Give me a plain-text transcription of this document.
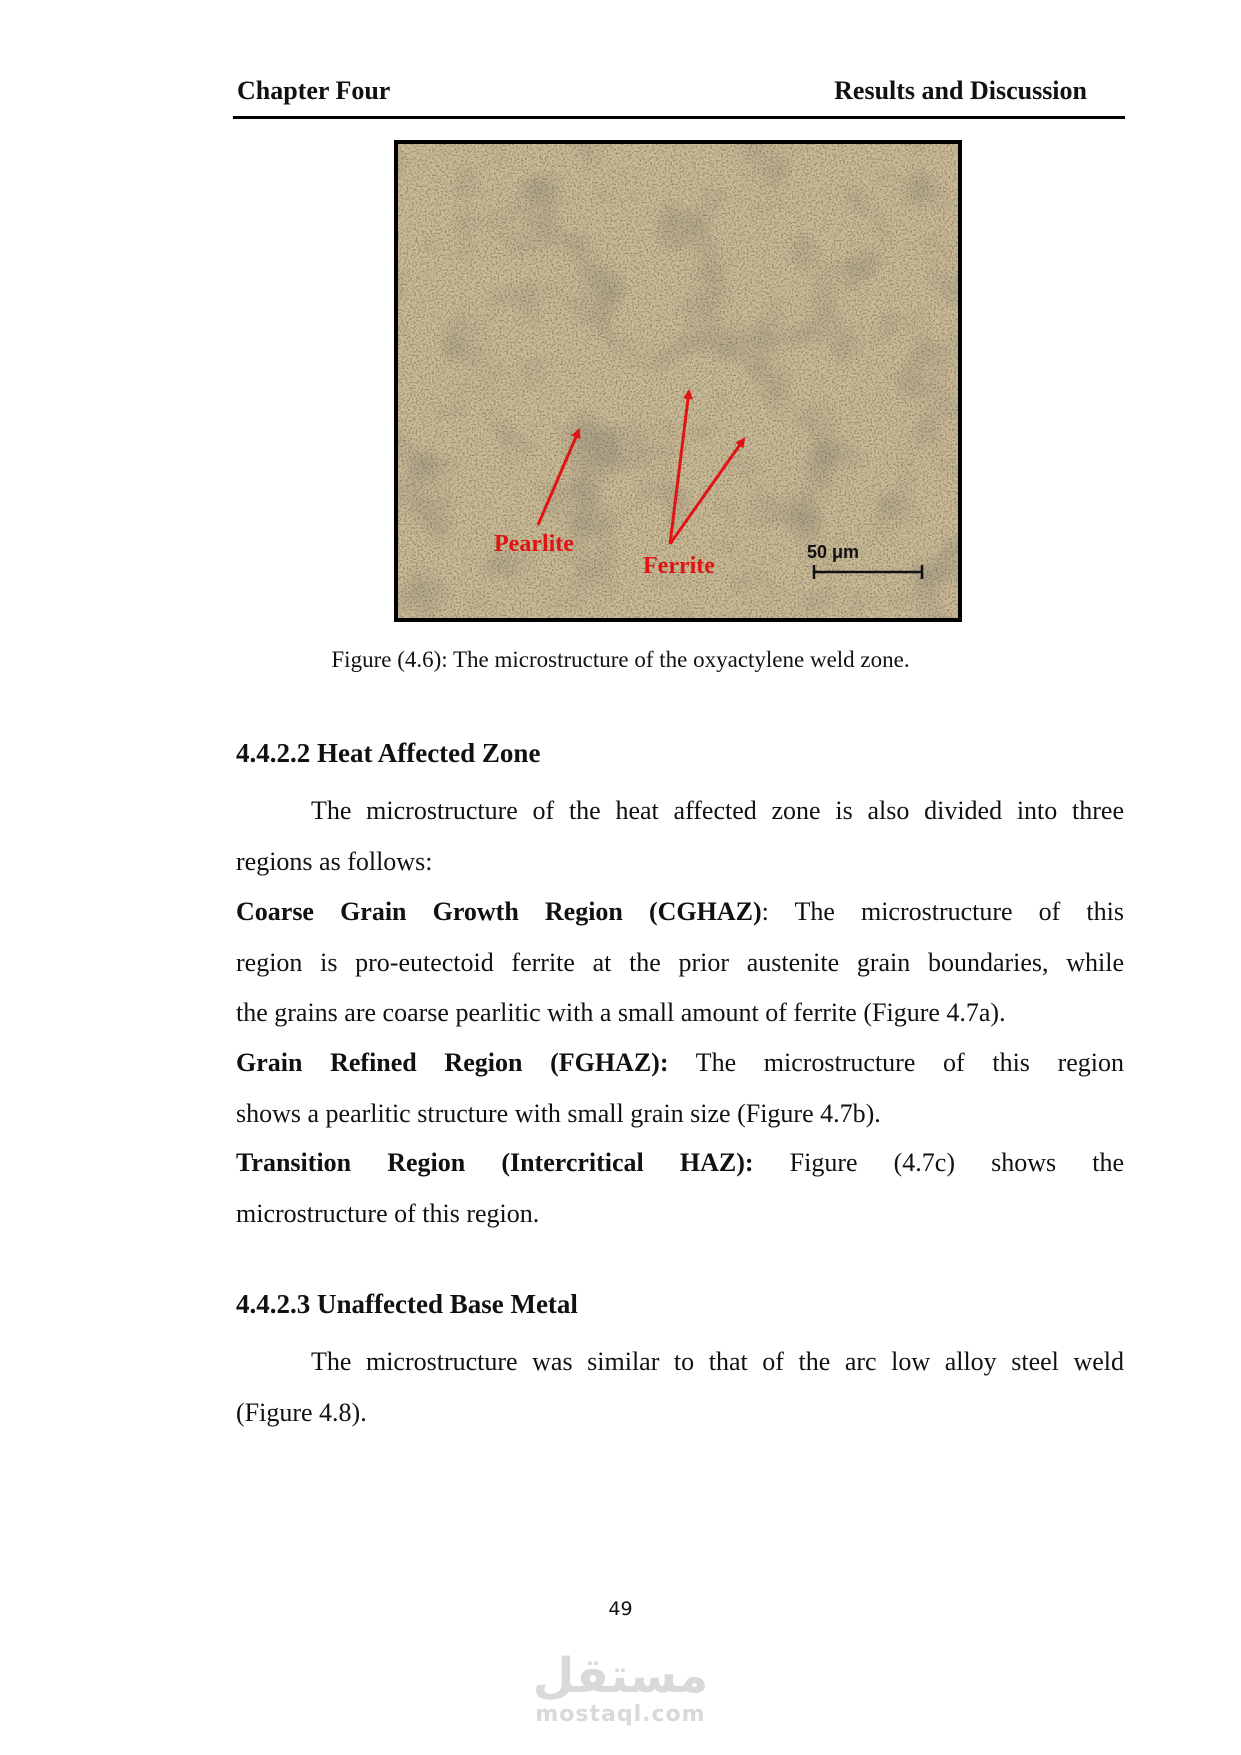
Chapter Four	Results and Discussion
Pearlite
Ferrite
50 μm
Figure (4.6): The microstructure of the oxyactylene weld zone.
4.4.2.2 Heat Affected Zone
The microstructure of the heat affected zone is also divided into three
regions as follows:
Coarse Grain Growth Region (CGHAZ): The microstructure of this
region is pro-eutectoid ferrite at the prior austenite grain boundaries, while
the grains are coarse pearlitic with a small amount of ferrite (Figure 4.7a).
Grain Refined Region (FGHAZ): The microstructure of this region
shows a pearlitic structure with small grain size (Figure 4.7b).
Transition Region (Intercritical HAZ): Figure (4.7c) shows the
microstructure of this region.
4.4.2.3 Unaffected Base Metal
The microstructure was similar to that of the arc low alloy steel weld
(Figure 4.8).
49
مستقل
mostaql.com
